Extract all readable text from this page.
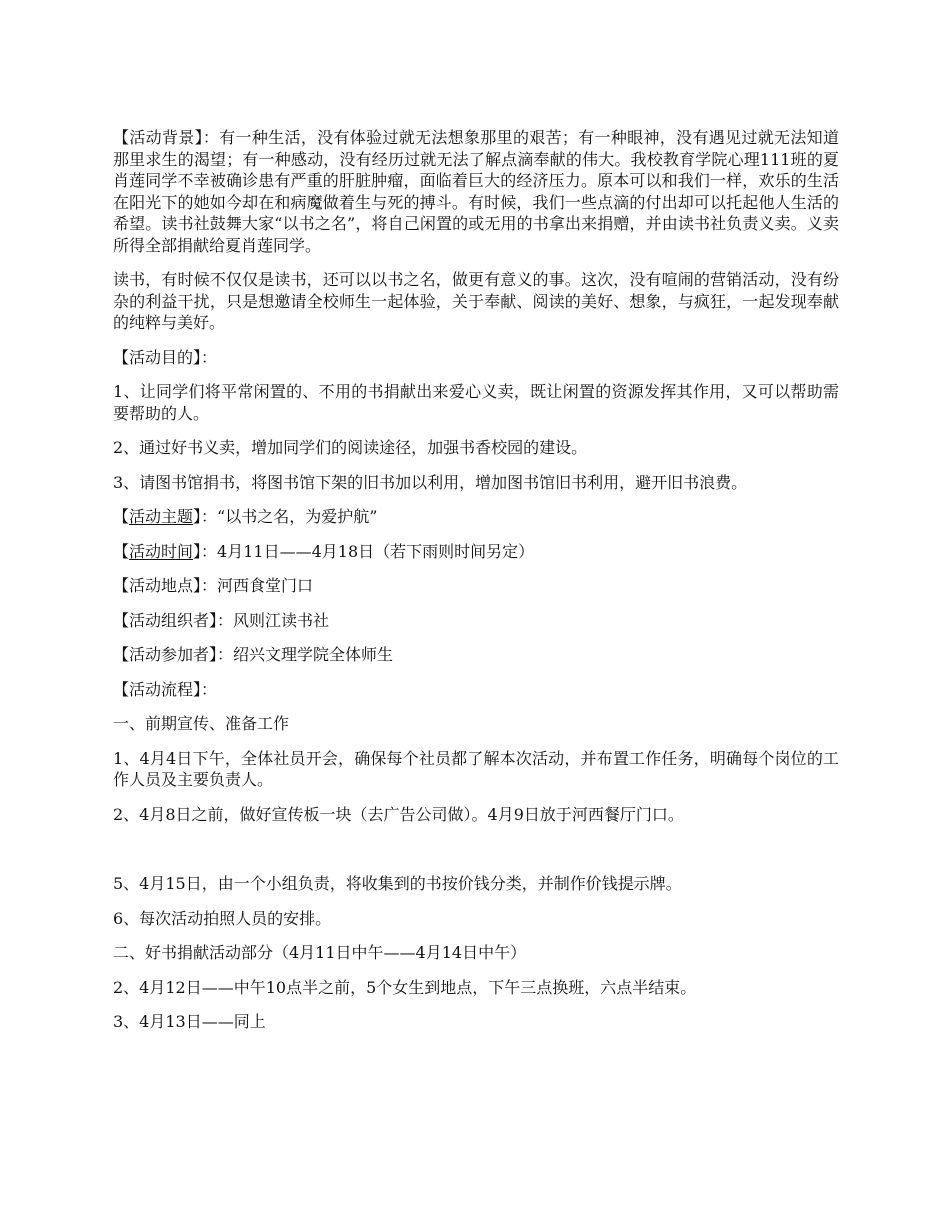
【活动背景】：有一种生活，没有体验过就无法想象那里的艰苦；有一种眼神，没有遇见过就无法知道那里求生的渴望；有一种感动，没有经历过就无法了解点滴奉献的伟大。我校教育学院心理111班的夏肖莲同学不幸被确诊患有严重的肝脏肿瘤，面临着巨大的经济压力。原本可以和我们一样，欢乐的生活在阳光下的她如今却在和病魔做着生与死的搏斗。有时候，我们一些点滴的付出却可以托起他人生活的希望。读书社鼓舞大家“以书之名”，将自己闲置的或无用的书拿出来捐赠，并由读书社负责义卖。义卖所得全部捐献给夏肖莲同学。

读书，有时候不仅仅是读书，还可以以书之名，做更有意义的事。这次，没有喧闹的营销活动，没有纷杂的利益干扰，只是想邀请全校师生一起体验，关于奉献、阅读的美好、想象，与疯狂，一起发现奉献的纯粹与美好。

【活动目的】：

1、让同学们将平常闲置的、不用的书捐献出来爱心义卖，既让闲置的资源发挥其作用，又可以帮助需要帮助的人。

2、通过好书义卖，增加同学们的阅读途径，加强书香校园的建设。

3、请图书馆捐书，将图书馆下架的旧书加以利用，增加图书馆旧书利用，避开旧书浪费。

【活动主题】：“以书之名，为爱护航”

【活动时间】：4月11日——4月18日（若下雨则时间另定）

【活动地点】：河西食堂门口

【活动组织者】：风则江读书社

【活动参加者】：绍兴文理学院全体师生

【活动流程】：

一、前期宣传、准备工作

1、4月4日下午，全体社员开会，确保每个社员都了解本次活动，并布置工作任务，明确每个岗位的工作人员及主要负责人。

2、4月8日之前，做好宣传板一块（去广告公司做）。4月9日放于河西餐厅门口。

5、4月15日，由一个小组负责，将收集到的书按价钱分类，并制作价钱提示牌。

6、每次活动拍照人员的安排。

二、好书捐献活动部分（4月11日中午——4月14日中午）

2、4月12日——中午10点半之前，5个女生到地点，下午三点换班，六点半结束。

3、4月13日——同上
